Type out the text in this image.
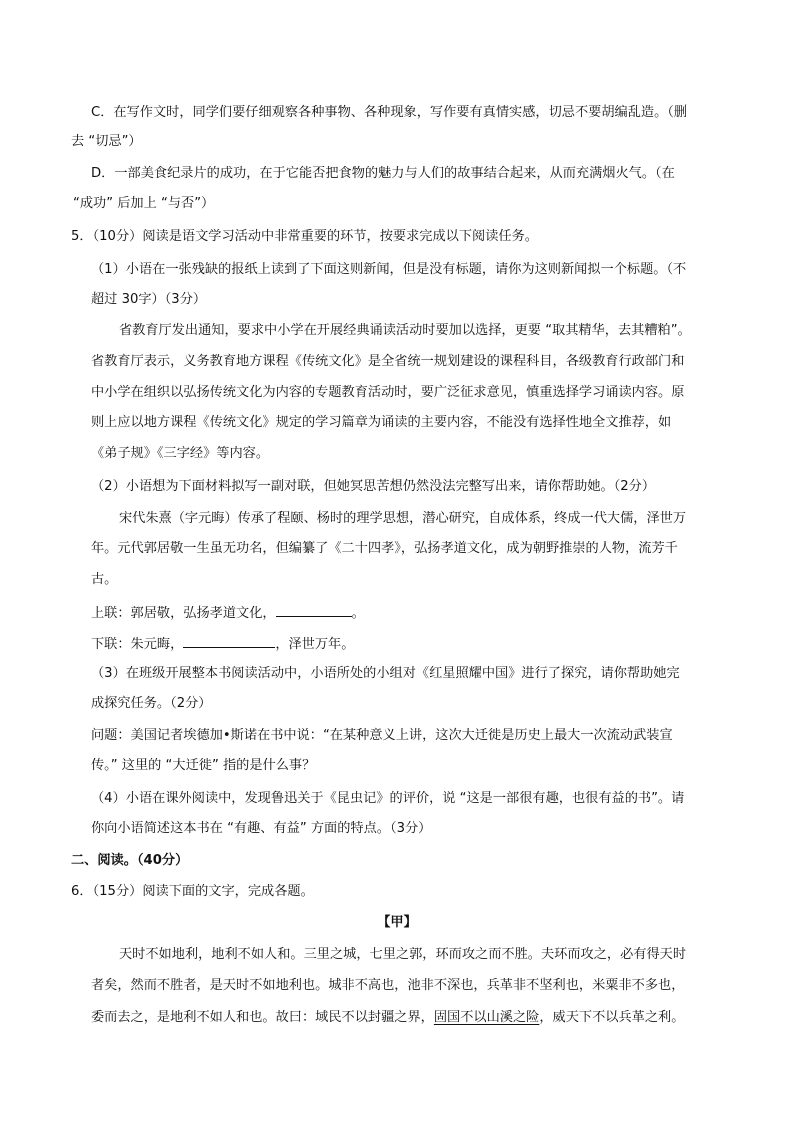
C．在写作文时，同学们要仔细观察各种事物、各种现象，写作要有真情实感，切忌不要胡编乱造。（删
去 “切忌”）
D．一部美食纪录片的成功，在于它能否把食物的魅力与人们的故事结合起来，从而充满烟火气。（在
“成功” 后加上 “与否”）
5．（10分）阅读是语文学习活动中非常重要的环节，按要求完成以下阅读任务。
（1）小语在一张残缺的报纸上读到了下面这则新闻，但是没有标题，请你为这则新闻拟一个标题。（不
超过 30字）（3分）
省教育厅发出通知，要求中小学在开展经典诵读活动时要加以选择，更要 “取其精华，去其糟粕”。
省教育厅表示，义务教育地方课程《传统文化》是全省统一规划建设的课程科目，各级教育行政部门和
中小学在组织以弘扬传统文化为内容的专题教育活动时，要广泛征求意见，慎重选择学习诵读内容。原
则上应以地方课程《传统文化》规定的学习篇章为诵读的主要内容，不能没有选择性地全文推荐，如
《弟子规》《三字经》等内容。
（2）小语想为下面材料拟写一副对联，但她冥思苦想仍然没法完整写出来，请你帮助她。（2分）
宋代朱熹（字元晦）传承了程颐、杨时的理学思想，潜心研究，自成体系，终成一代大儒，泽世万
年。元代郭居敬一生虽无功名，但编纂了《二十四孝》，弘扬孝道文化，成为朝野推崇的人物，流芳千
古。
上联：郭居敬，弘扬孝道文化，	。
下联：朱元晦，	，泽世万年。
（3）在班级开展整本书阅读活动中，小语所处的小组对《红星照耀中国》进行了探究，请你帮助她完
成探究任务。（2分）
问题：美国记者埃德加•斯诺在书中说：“在某种意义上讲，这次大迁徙是历史上最大一次流动武装宣
传。” 这里的 “大迁徙” 指的是什么事？
（4）小语在课外阅读中，发现鲁迅关于《昆虫记》的评价，说 “这是一部很有趣，也很有益的书”。请
你向小语简述这本书在 “有趣、有益” 方面的特点。（3分）
二、阅读。（40分）
6．（15分）阅读下面的文字，完成各题。
【甲】
天时不如地利，地利不如人和。三里之城，七里之郭，环而攻之而不胜。夫环而攻之，必有得天时
者矣，然而不胜者，是天时不如地利也。城非不高也，池非不深也，兵革非不坚利也，米粟非不多也，
委而去之，是地利不如人和也。故曰：域民不以封疆之界，固国不以山溪之险，威天下不以兵革之利。
